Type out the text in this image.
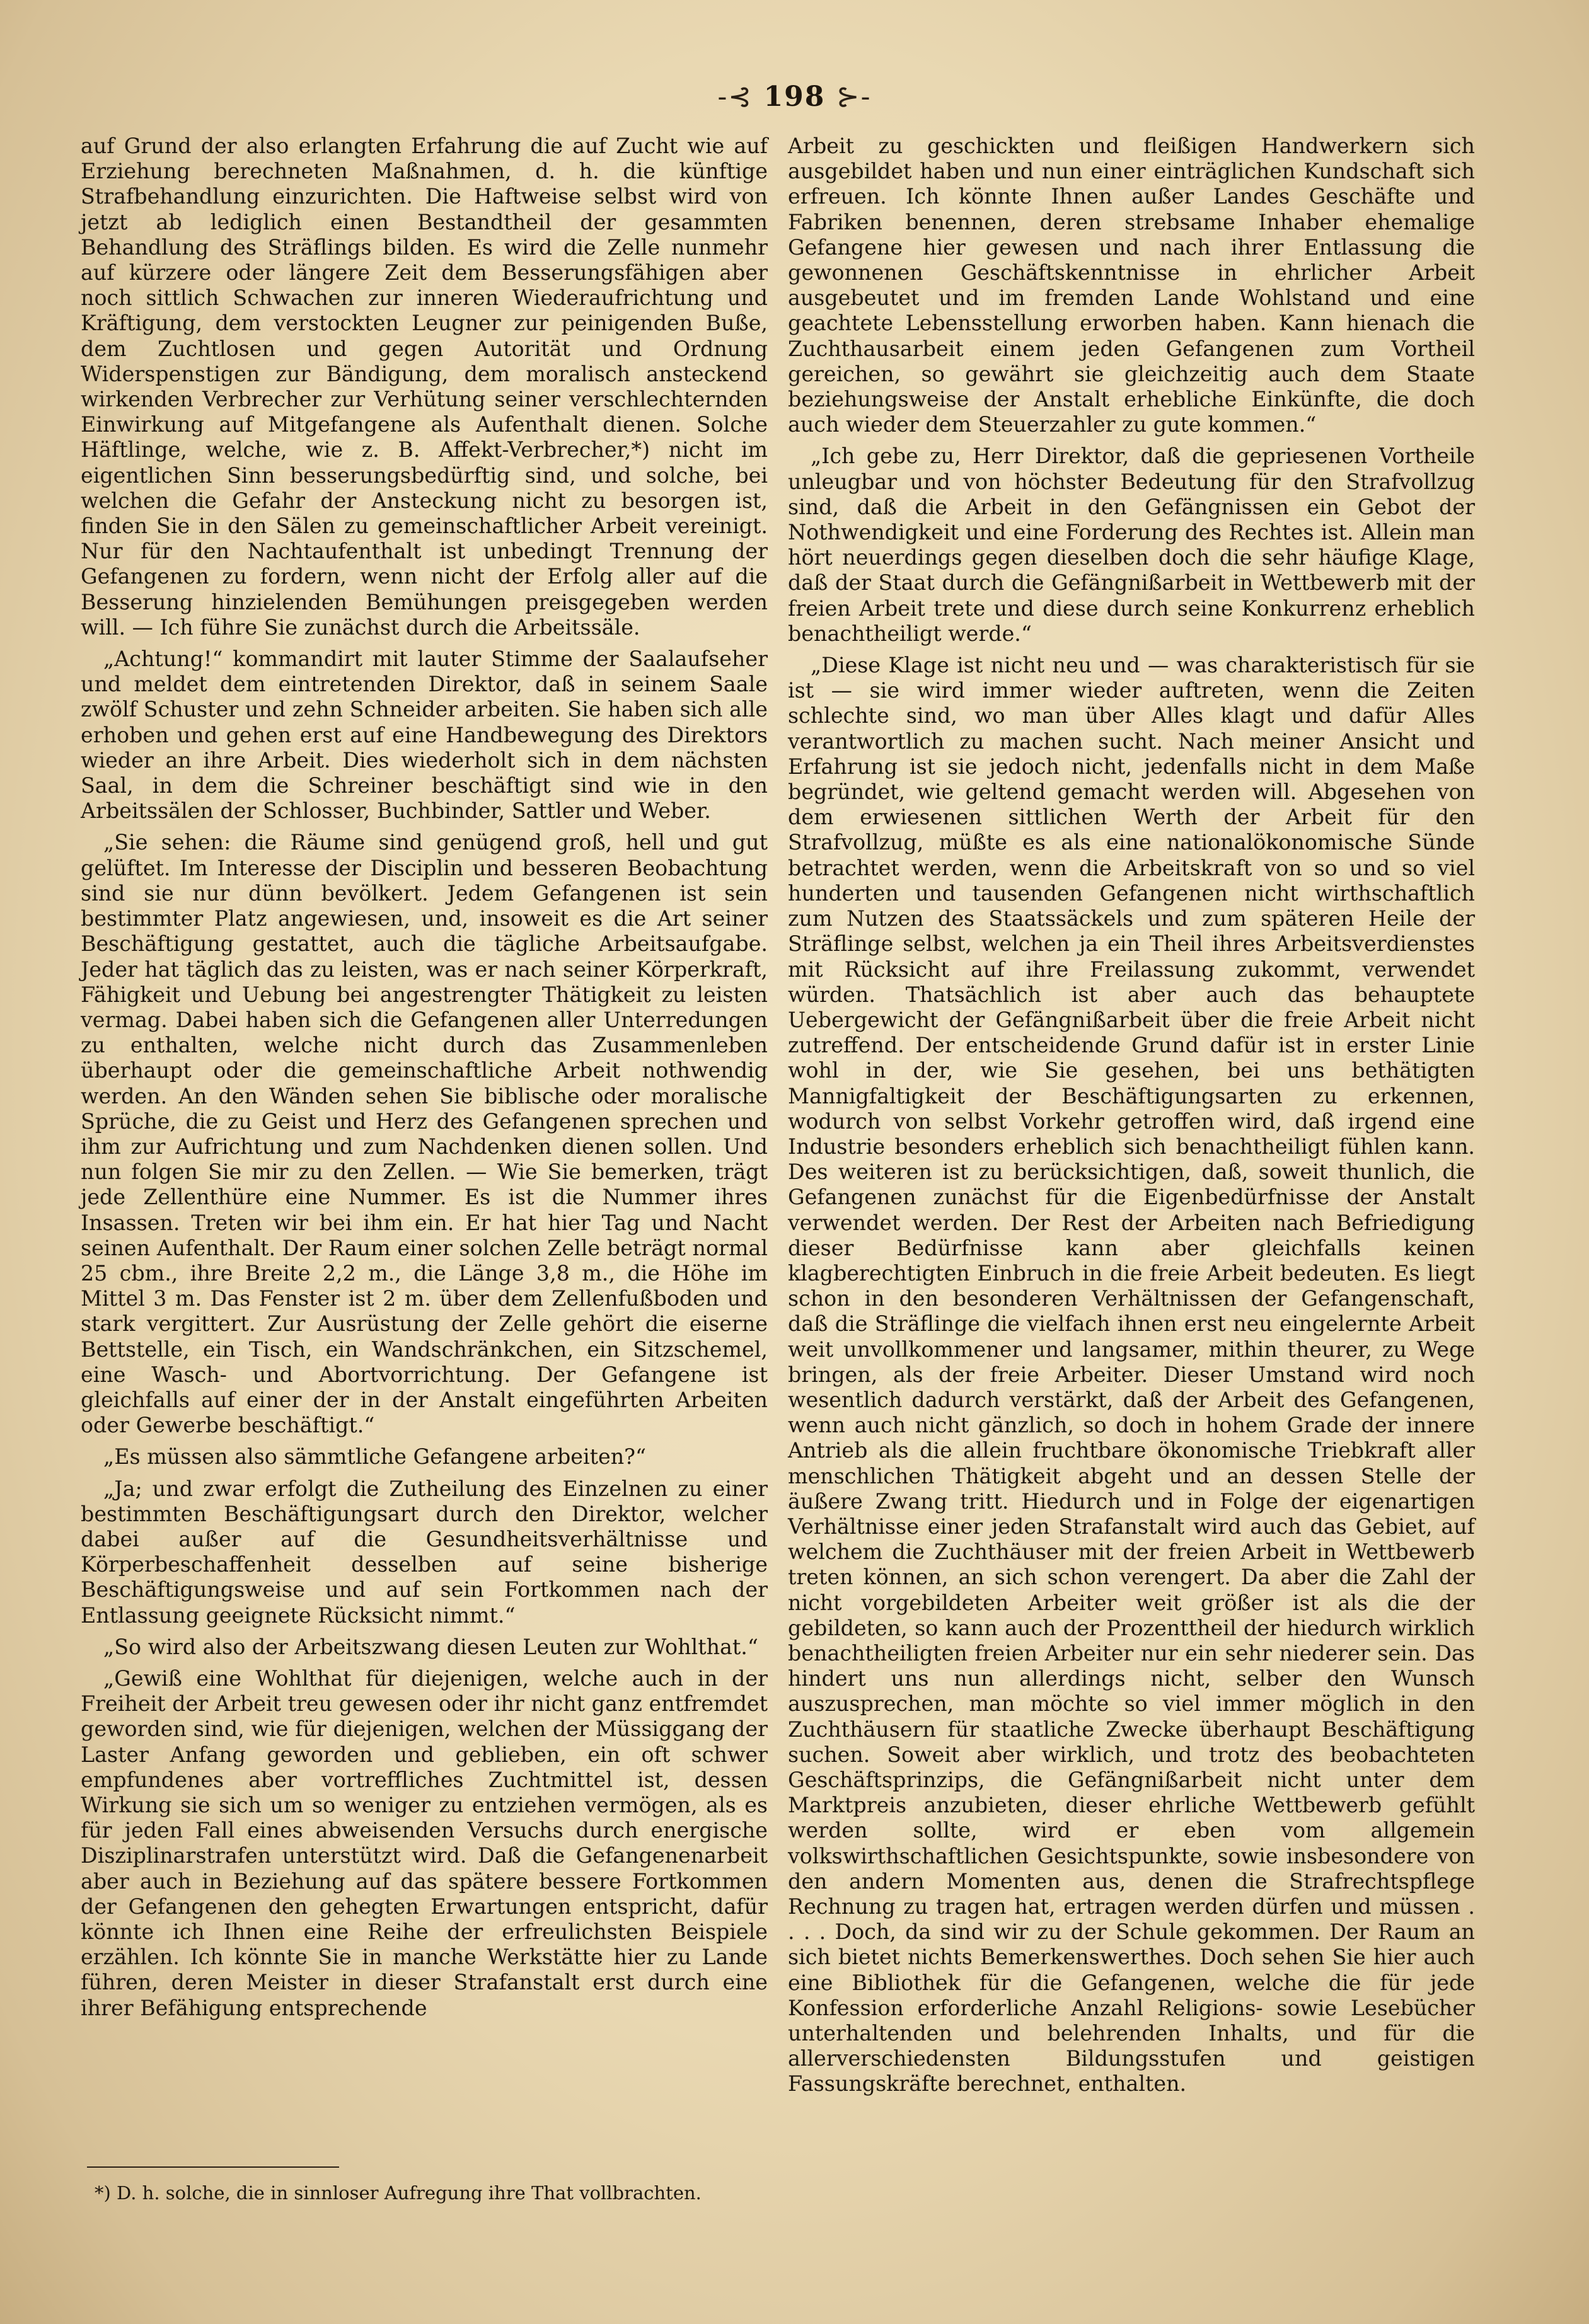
-⊰ 198 ⊱-

auf Grund der also erlangten Erfahrung die auf Zucht wie auf Erziehung berechneten Maßnahmen, d. h. die künftige Strafbehandlung einzurichten. Die Haftweise selbst wird von jetzt ab lediglich einen Bestandtheil der gesammten Behandlung des Sträflings bilden. Es wird die Zelle nunmehr auf kürzere oder längere Zeit dem Besserungsfähigen aber noch sittlich Schwachen zur inneren Wiederaufrichtung und Kräftigung, dem verstockten Leugner zur peinigenden Buße, dem Zuchtlosen und gegen Autorität und Ordnung Widerspenstigen zur Bändigung, dem moralisch ansteckend wirkenden Verbrecher zur Verhütung seiner verschlechternden Einwirkung auf Mitgefangene als Aufenthalt dienen. Solche Häftlinge, welche, wie z. B. Affekt-Verbrecher,*) nicht im eigentlichen Sinn besserungsbedürftig sind, und solche, bei welchen die Gefahr der Ansteckung nicht zu besorgen ist, finden Sie in den Sälen zu gemeinschaftlicher Arbeit vereinigt. Nur für den Nachtaufenthalt ist unbedingt Trennung der Gefangenen zu fordern, wenn nicht der Erfolg aller auf die Besserung hinzielenden Bemühungen preisgegeben werden will. — Ich führe Sie zunächst durch die Arbeitssäle.

„Achtung!“ kommandirt mit lauter Stimme der Saalaufseher und meldet dem eintretenden Direktor, daß in seinem Saale zwölf Schuster und zehn Schneider arbeiten. Sie haben sich alle erhoben und gehen erst auf eine Handbewegung des Direktors wieder an ihre Arbeit. Dies wiederholt sich in dem nächsten Saal, in dem die Schreiner beschäftigt sind wie in den Arbeitssälen der Schlosser, Buchbinder, Sattler und Weber.

„Sie sehen: die Räume sind genügend groß, hell und gut gelüftet. Im Interesse der Disciplin und besseren Beobachtung sind sie nur dünn bevölkert. Jedem Gefangenen ist sein bestimmter Platz angewiesen, und, insoweit es die Art seiner Beschäftigung gestattet, auch die tägliche Arbeitsaufgabe. Jeder hat täglich das zu leisten, was er nach seiner Körperkraft, Fähigkeit und Uebung bei angestrengter Thätigkeit zu leisten vermag. Dabei haben sich die Gefangenen aller Unterredungen zu enthalten, welche nicht durch das Zusammenleben überhaupt oder die gemeinschaftliche Arbeit nothwendig werden. An den Wänden sehen Sie biblische oder moralische Sprüche, die zu Geist und Herz des Gefangenen sprechen und ihm zur Aufrichtung und zum Nachdenken dienen sollen. Und nun folgen Sie mir zu den Zellen. — Wie Sie bemerken, trägt jede Zellenthüre eine Nummer. Es ist die Nummer ihres Insassen. Treten wir bei ihm ein. Er hat hier Tag und Nacht seinen Aufenthalt. Der Raum einer solchen Zelle beträgt normal 25 cbm., ihre Breite 2,2 m., die Länge 3,8 m., die Höhe im Mittel 3 m. Das Fenster ist 2 m. über dem Zellenfußboden und stark vergittert. Zur Ausrüstung der Zelle gehört die eiserne Bettstelle, ein Tisch, ein Wandschränkchen, ein Sitzschemel, eine Wasch- und Abortvorrichtung. Der Gefangene ist gleichfalls auf einer der in der Anstalt eingeführten Arbeiten oder Gewerbe beschäftigt.“

„Es müssen also sämmtliche Gefangene arbeiten?“

„Ja; und zwar erfolgt die Zutheilung des Einzelnen zu einer bestimmten Beschäftigungsart durch den Direktor, welcher dabei außer auf die Gesundheitsverhältnisse und Körperbeschaffenheit desselben auf seine bisherige Beschäftigungsweise und auf sein Fortkommen nach der Entlassung geeignete Rücksicht nimmt.“

„So wird also der Arbeitszwang diesen Leuten zur Wohlthat.“

„Gewiß eine Wohlthat für diejenigen, welche auch in der Freiheit der Arbeit treu gewesen oder ihr nicht ganz entfremdet geworden sind, wie für diejenigen, welchen der Müssiggang der Laster Anfang geworden und geblieben, ein oft schwer empfundenes aber vortreffliches Zuchtmittel ist, dessen Wirkung sie sich um so weniger zu entziehen vermögen, als es für jeden Fall eines abweisenden Versuchs durch energische Disziplinarstrafen unterstützt wird. Daß die Gefangenenarbeit aber auch in Beziehung auf das spätere bessere Fortkommen der Gefangenen den gehegten Erwartungen entspricht, dafür könnte ich Ihnen eine Reihe der erfreulichsten Beispiele erzählen. Ich könnte Sie in manche Werkstätte hier zu Lande führen, deren Meister in dieser Strafanstalt erst durch eine ihrer Befähigung entsprechende

Arbeit zu geschickten und fleißigen Handwerkern sich ausgebildet haben und nun einer einträglichen Kundschaft sich erfreuen. Ich könnte Ihnen außer Landes Geschäfte und Fabriken benennen, deren strebsame Inhaber ehemalige Gefangene hier gewesen und nach ihrer Entlassung die gewonnenen Geschäftskenntnisse in ehrlicher Arbeit ausgebeutet und im fremden Lande Wohlstand und eine geachtete Lebensstellung erworben haben. Kann hienach die Zuchthausarbeit einem jeden Gefangenen zum Vortheil gereichen, so gewährt sie gleichzeitig auch dem Staate beziehungsweise der Anstalt erhebliche Einkünfte, die doch auch wieder dem Steuerzahler zu gute kommen.“

„Ich gebe zu, Herr Direktor, daß die gepriesenen Vortheile unleugbar und von höchster Bedeutung für den Strafvollzug sind, daß die Arbeit in den Gefängnissen ein Gebot der Nothwendigkeit und eine Forderung des Rechtes ist. Allein man hört neuerdings gegen dieselben doch die sehr häufige Klage, daß der Staat durch die Gefängnißarbeit in Wettbewerb mit der freien Arbeit trete und diese durch seine Konkurrenz erheblich benachtheiligt werde.“

„Diese Klage ist nicht neu und — was charakteristisch für sie ist — sie wird immer wieder auftreten, wenn die Zeiten schlechte sind, wo man über Alles klagt und dafür Alles verantwortlich zu machen sucht. Nach meiner Ansicht und Erfahrung ist sie jedoch nicht, jedenfalls nicht in dem Maße begründet, wie geltend gemacht werden will. Abgesehen von dem erwiesenen sittlichen Werth der Arbeit für den Strafvollzug, müßte es als eine nationalökonomische Sünde betrachtet werden, wenn die Arbeitskraft von so und so viel hunderten und tausenden Gefangenen nicht wirthschaftlich zum Nutzen des Staatssäckels und zum späteren Heile der Sträflinge selbst, welchen ja ein Theil ihres Arbeitsverdienstes mit Rücksicht auf ihre Freilassung zukommt, verwendet würden. Thatsächlich ist aber auch das behauptete Uebergewicht der Gefängnißarbeit über die freie Arbeit nicht zutreffend. Der entscheidende Grund dafür ist in erster Linie wohl in der, wie Sie gesehen, bei uns bethätigten Mannigfaltigkeit der Beschäftigungsarten zu erkennen, wodurch von selbst Vorkehr getroffen wird, daß irgend eine Industrie besonders erheblich sich benachtheiligt fühlen kann. Des weiteren ist zu berücksichtigen, daß, soweit thunlich, die Gefangenen zunächst für die Eigenbedürfnisse der Anstalt verwendet werden. Der Rest der Arbeiten nach Befriedigung dieser Bedürfnisse kann aber gleichfalls keinen klagberechtigten Einbruch in die freie Arbeit bedeuten. Es liegt schon in den besonderen Verhältnissen der Gefangenschaft, daß die Sträflinge die vielfach ihnen erst neu eingelernte Arbeit weit unvollkommener und langsamer, mithin theurer, zu Wege bringen, als der freie Arbeiter. Dieser Umstand wird noch wesentlich dadurch verstärkt, daß der Arbeit des Gefangenen, wenn auch nicht gänzlich, so doch in hohem Grade der innere Antrieb als die allein fruchtbare ökonomische Triebkraft aller menschlichen Thätigkeit abgeht und an dessen Stelle der äußere Zwang tritt. Hiedurch und in Folge der eigenartigen Verhältnisse einer jeden Strafanstalt wird auch das Gebiet, auf welchem die Zuchthäuser mit der freien Arbeit in Wettbewerb treten können, an sich schon verengert. Da aber die Zahl der nicht vorgebildeten Arbeiter weit größer ist als die der gebildeten, so kann auch der Prozenttheil der hiedurch wirklich benachtheiligten freien Arbeiter nur ein sehr niederer sein. Das hindert uns nun allerdings nicht, selber den Wunsch auszusprechen, man möchte so viel immer möglich in den Zuchthäusern für staatliche Zwecke überhaupt Beschäftigung suchen. Soweit aber wirklich, und trotz des beobachteten Geschäftsprinzips, die Gefängnißarbeit nicht unter dem Marktpreis anzubieten, dieser ehrliche Wettbewerb gefühlt werden sollte, wird er eben vom allgemein volkswirthschaftlichen Gesichtspunkte, sowie insbesondere von den andern Momenten aus, denen die Strafrechtspflege Rechnung zu tragen hat, ertragen werden dürfen und müssen . . . . Doch, da sind wir zu der Schule gekommen. Der Raum an sich bietet nichts Bemerkenswerthes. Doch sehen Sie hier auch eine Bibliothek für die Gefangenen, welche die für jede Konfession erforderliche Anzahl Religions- sowie Lesebücher unterhaltenden und belehrenden Inhalts, und für die allerverschiedensten Bildungsstufen und geistigen Fassungskräfte berechnet, enthalten.

*) D. h. solche, die in sinnloser Aufregung ihre That vollbrachten.
